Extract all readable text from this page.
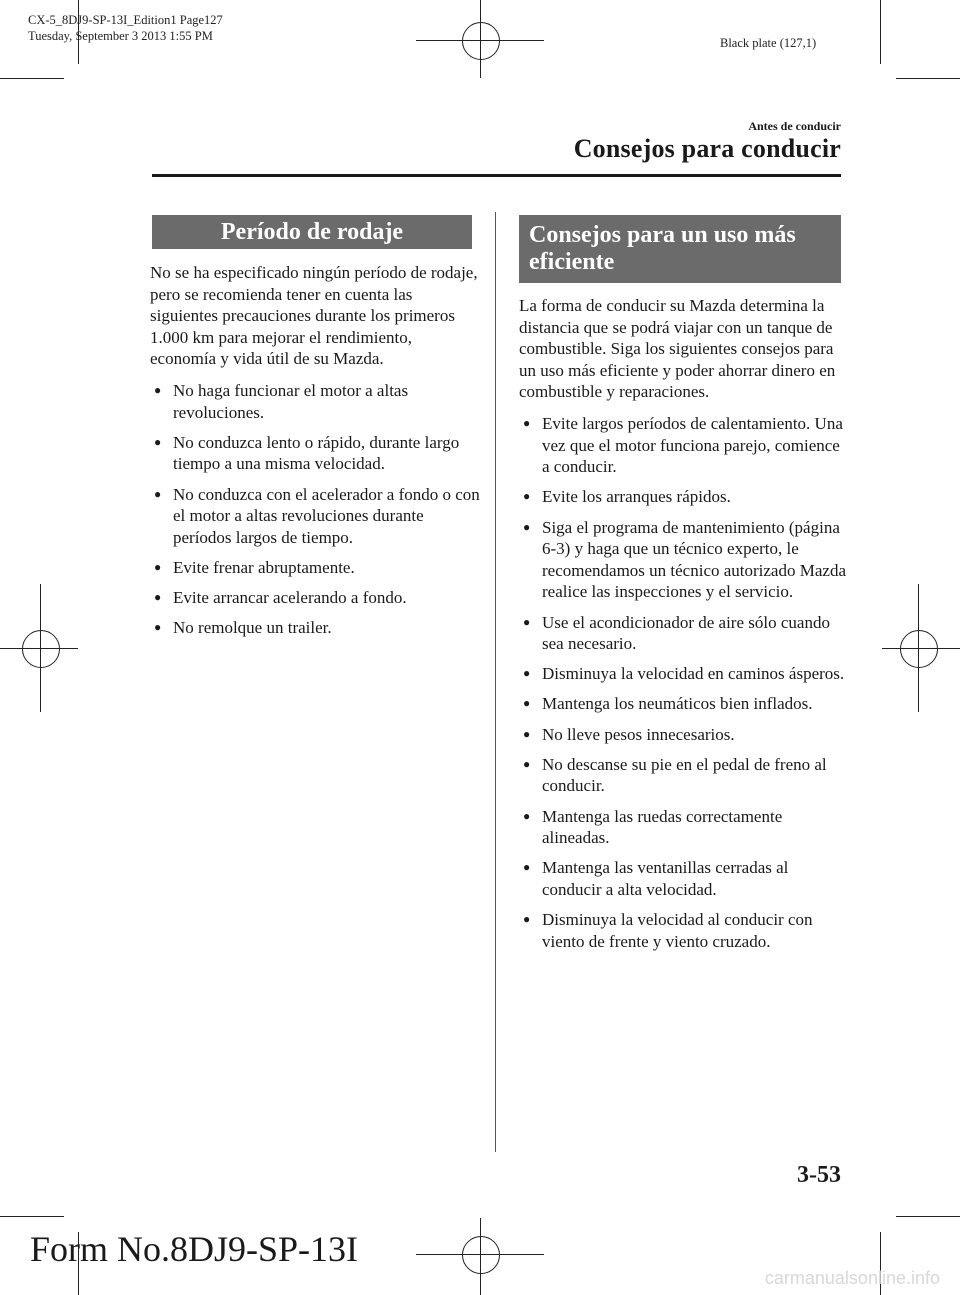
CX-5_8DJ9-SP-13I_Edition1 Page127
Tuesday, September 3 2013 1:55 PM	Black plate (127,1)
Antes de conducir
Consejos para conducir
Período de rodaje

No se ha especificado ningún período de rodaje, pero se recomienda tener en cuenta las siguientes precauciones durante los primeros 1.000 km para mejorar el rendimiento, economía y vida útil de su Mazda.

● No haga funcionar el motor a altas revoluciones.
● No conduzca lento o rápido, durante largo tiempo a una misma velocidad.
● No conduzca con el acelerador a fondo o con el motor a altas revoluciones durante períodos largos de tiempo.
● Evite frenar abruptamente.
● Evite arrancar acelerando a fondo.
● No remolque un trailer.
Consejos para un uso más eficiente

La forma de conducir su Mazda determina la distancia que se podrá viajar con un tanque de combustible. Siga los siguientes consejos para un uso más eficiente y poder ahorrar dinero en combustible y reparaciones.

● Evite largos períodos de calentamiento. Una vez que el motor funciona parejo, comience a conducir.
● Evite los arranques rápidos.
● Siga el programa de mantenimiento (página 6-3) y haga que un técnico experto, le recomendamos un técnico autorizado Mazda realice las inspecciones y el servicio.
● Use el acondicionador de aire sólo cuando sea necesario.
● Disminuya la velocidad en caminos ásperos.
● Mantenga los neumáticos bien inflados.
● No lleve pesos innecesarios.
● No descanse su pie en el pedal de freno al conducir.
● Mantenga las ruedas correctamente alineadas.
● Mantenga las ventanillas cerradas al conducir a alta velocidad.
● Disminuya la velocidad al conducir con viento de frente y viento cruzado.
3-53
Form No.8DJ9-SP-13I
carmanualsonline.info
